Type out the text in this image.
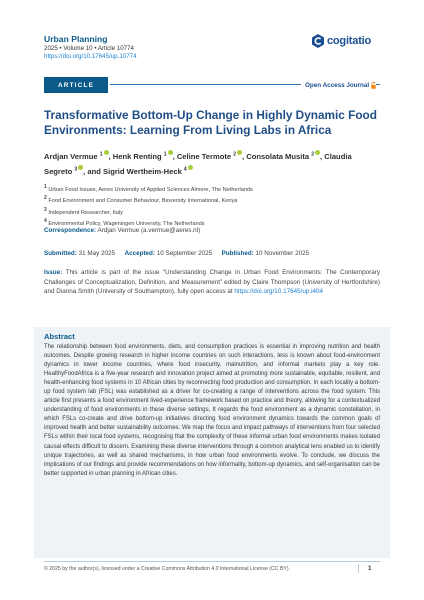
Urban Planning
2025 • Volume 10 • Article 10774
https://doi.org/10.17645/up.10774
cogitatio
ARTICLE	Open Access Journal
Transformative Bottom-Up Change in Highly Dynamic Food Environments: Learning From Living Labs in Africa
Ardjan Vermue $^1$ , Henk Renting $^1$ , Celine Termote $^2$ , Consolata Musita $^2$ , Claudia Segreto $^3$ , and Sigrid Wertheim-Heck $^4$
1 Urban Food Issues, Aeres University of Applied Sciences Almere, The Netherlands
2 Food Environment and Consumer Behaviour, Bioversity International, Kenya
3 Independent Researcher, Italy
4 Environmental Policy, Wageningen University, The Netherlands
Correspondence: Ardjan Vermue (a.vermue@aeres.nl)
Submitted: 31 May 2025 Accepted: 10 September 2025 Published: 10 November 2025

Issue: This article is part of the issue “Understanding Change in Urban Food Environments: The Contemporary Challenges of Conceptualization, Definition, and Measurement” edited by Claire Thompson (University of Hertfordshire) and Dianna Smith (University of Southampton), fully open access at https://doi.org/10.17645/up.i404

Abstract

The relationship between food environments, diets, and consumption practices is essential in improving nutrition and health outcomes. Despite growing research in higher income countries on such interactions, less is known about food-environment dynamics in lower income countries, where food insecurity, malnutrition, and informal markets play a key role. HealthyFoodAfrica is a five-year research and innovation project aimed at promoting more sustainable, equitable, resilient, and health-enhancing food systems in 10 African cities by reconnecting food production and consumption. In each locality a bottom-up food system lab (FSL) was established as a driver for co-creating a range of interventions across the food system. This article first presents a food environment lived-experience framework based on practice and theory, allowing for a contextualized understanding of food environments in these diverse settings. It regards the food environment as a dynamic constellation, in which FSLs co-create and drive bottom-up initiatives directing food environment dynamics towards the common goals of improved health and better sustainability outcomes. We map the focus and impact pathways of interventions from four selected FSLs within their local food systems, recognising that the complexity of these informal urban food environments makes isolated causal effects difficult to discern. Examining these diverse interventions through a common analytical lens enabled us to identify unique trajectories, as well as shared mechanisms, in how urban food environments evolve. To conclude, we discuss the implications of our findings and provide recommendations on how informality, bottom-up dynamics, and self-organisation can be better supported in urban planning in African cities.

© 2025 by the author(s), licensed under a Creative Commons Attribution 4.0 International License (CC BY).	1
